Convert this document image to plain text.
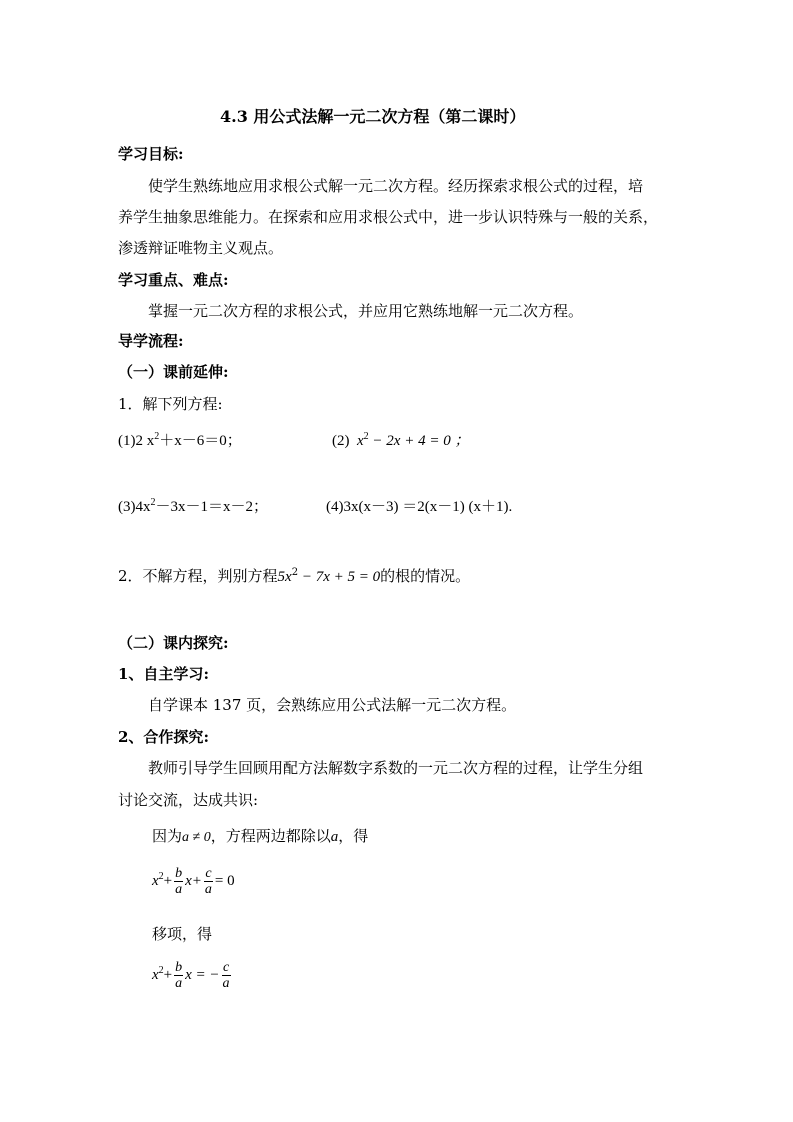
4.3 用公式法解一元二次方程（第二课时）
学习目标:
使学生熟练地应用求根公式解一元二次方程。经历探索求根公式的过程，培
养学生抽象思维能力。在探索和应用求根公式中，进一步认识特殊与一般的关系，
渗透辩证唯物主义观点。
学习重点、难点:
掌握一元二次方程的求根公式，并应用它熟练地解一元二次方程。
导学流程:
（一）课前延伸:
1．解下列方程:
(1)2 $x^2+x-6=0$；	(2) $x^2 - 2x + 4 = 0$ ；
$(3)4x^2-3x-1=x-2$；	(4)3x(x－3) ＝2(x－1) (x＋1).
2．不解方程，判别方程$5x^2 - 7x + 5 = 0$的根的情况。
（二）课内探究:
1、自主学习:
自学课本 137 页，会熟练应用公式法解一元二次方程。
2、合作探究:
教师引导学生回顾用配方法解数字系数的一元二次方程的过程，让学生分组
讨论交流，达成共识:
因为a ≠ 0，方程两边都除以a，得
$x^2+ \frac{b}{a} x+ \frac{c}{a} = 0$
移项，得
$x^2+ \frac{b}{a}$ x = − $\frac{c}{a}$
